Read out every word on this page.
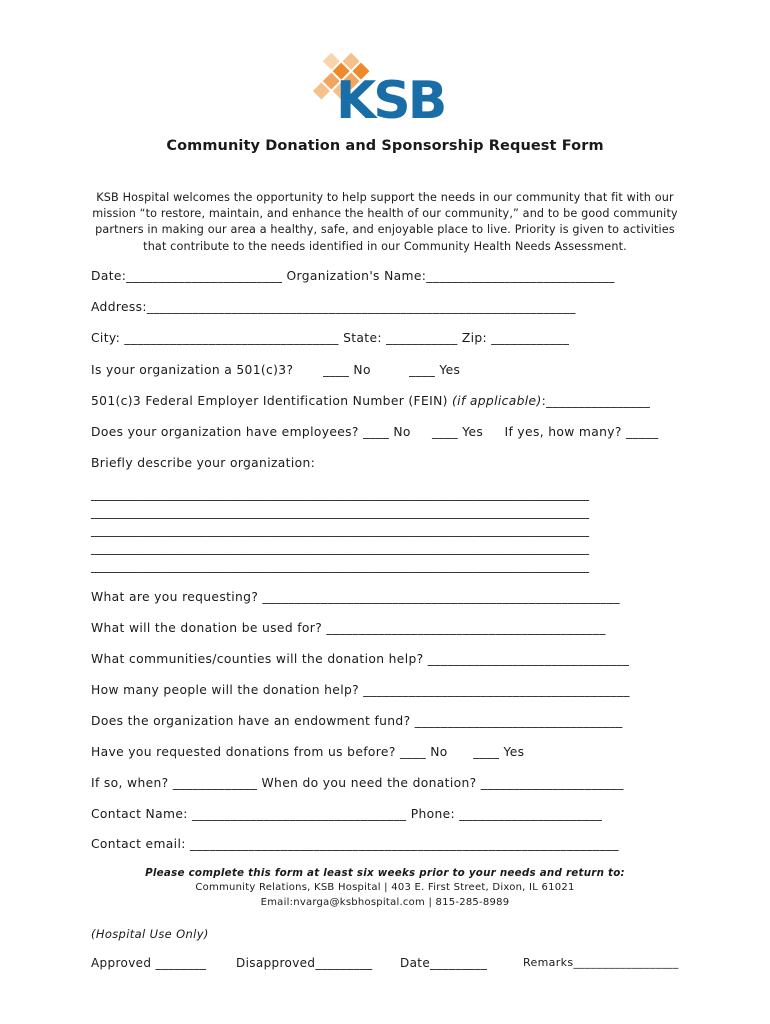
KSB
Community Donation and Sponsorship Request Form
KSB Hospital welcomes the opportunity to help support the needs in our community that fit with our mission “to restore, maintain, and enhance the health of our community,” and to be good community partners in making our area a healthy, safe, and enjoyable place to live. Priority is given to activities that contribute to the needs identified in our Community Health Needs Assessment.
Date:________________________ Organization's Name:_____________________________
Address:__________________________________________________________________
City: _________________________________ State: ___________ Zip: ____________
Is your organization a 501(c)3?       ____ No         ____ Yes
501(c)3 Federal Employer Identification Number (FEIN) (if applicable):________________
Does your organization have employees? ____ No     ____ Yes     If yes, how many? _____
Briefly describe your organization:
_________________________________________________________________________________
_________________________________________________________________________________
_________________________________________________________________________________
_________________________________________________________________________________
_________________________________________________________________________________
What are you requesting? _______________________________________________________
What will the donation be used for? ___________________________________________
What communities/counties will the donation help? _______________________________
How many people will the donation help? _________________________________________
Does the organization have an endowment fund? ________________________________
Have you requested donations from us before? ____ No      ____ Yes
If so, when? _____________ When do you need the donation? ______________________
Contact Name: _________________________________ Phone: ______________________
Contact email: __________________________________________________________________
Please complete this form at least six weeks prior to your needs and return to:
Community Relations, KSB Hospital | 403 E. First Street, Dixon, IL 61021
Email:nvarga@ksbhospital.com | 815-285-8989
(Hospital Use Only)
Approved ________ Disapproved_________ Date_________	Remarks__________________
